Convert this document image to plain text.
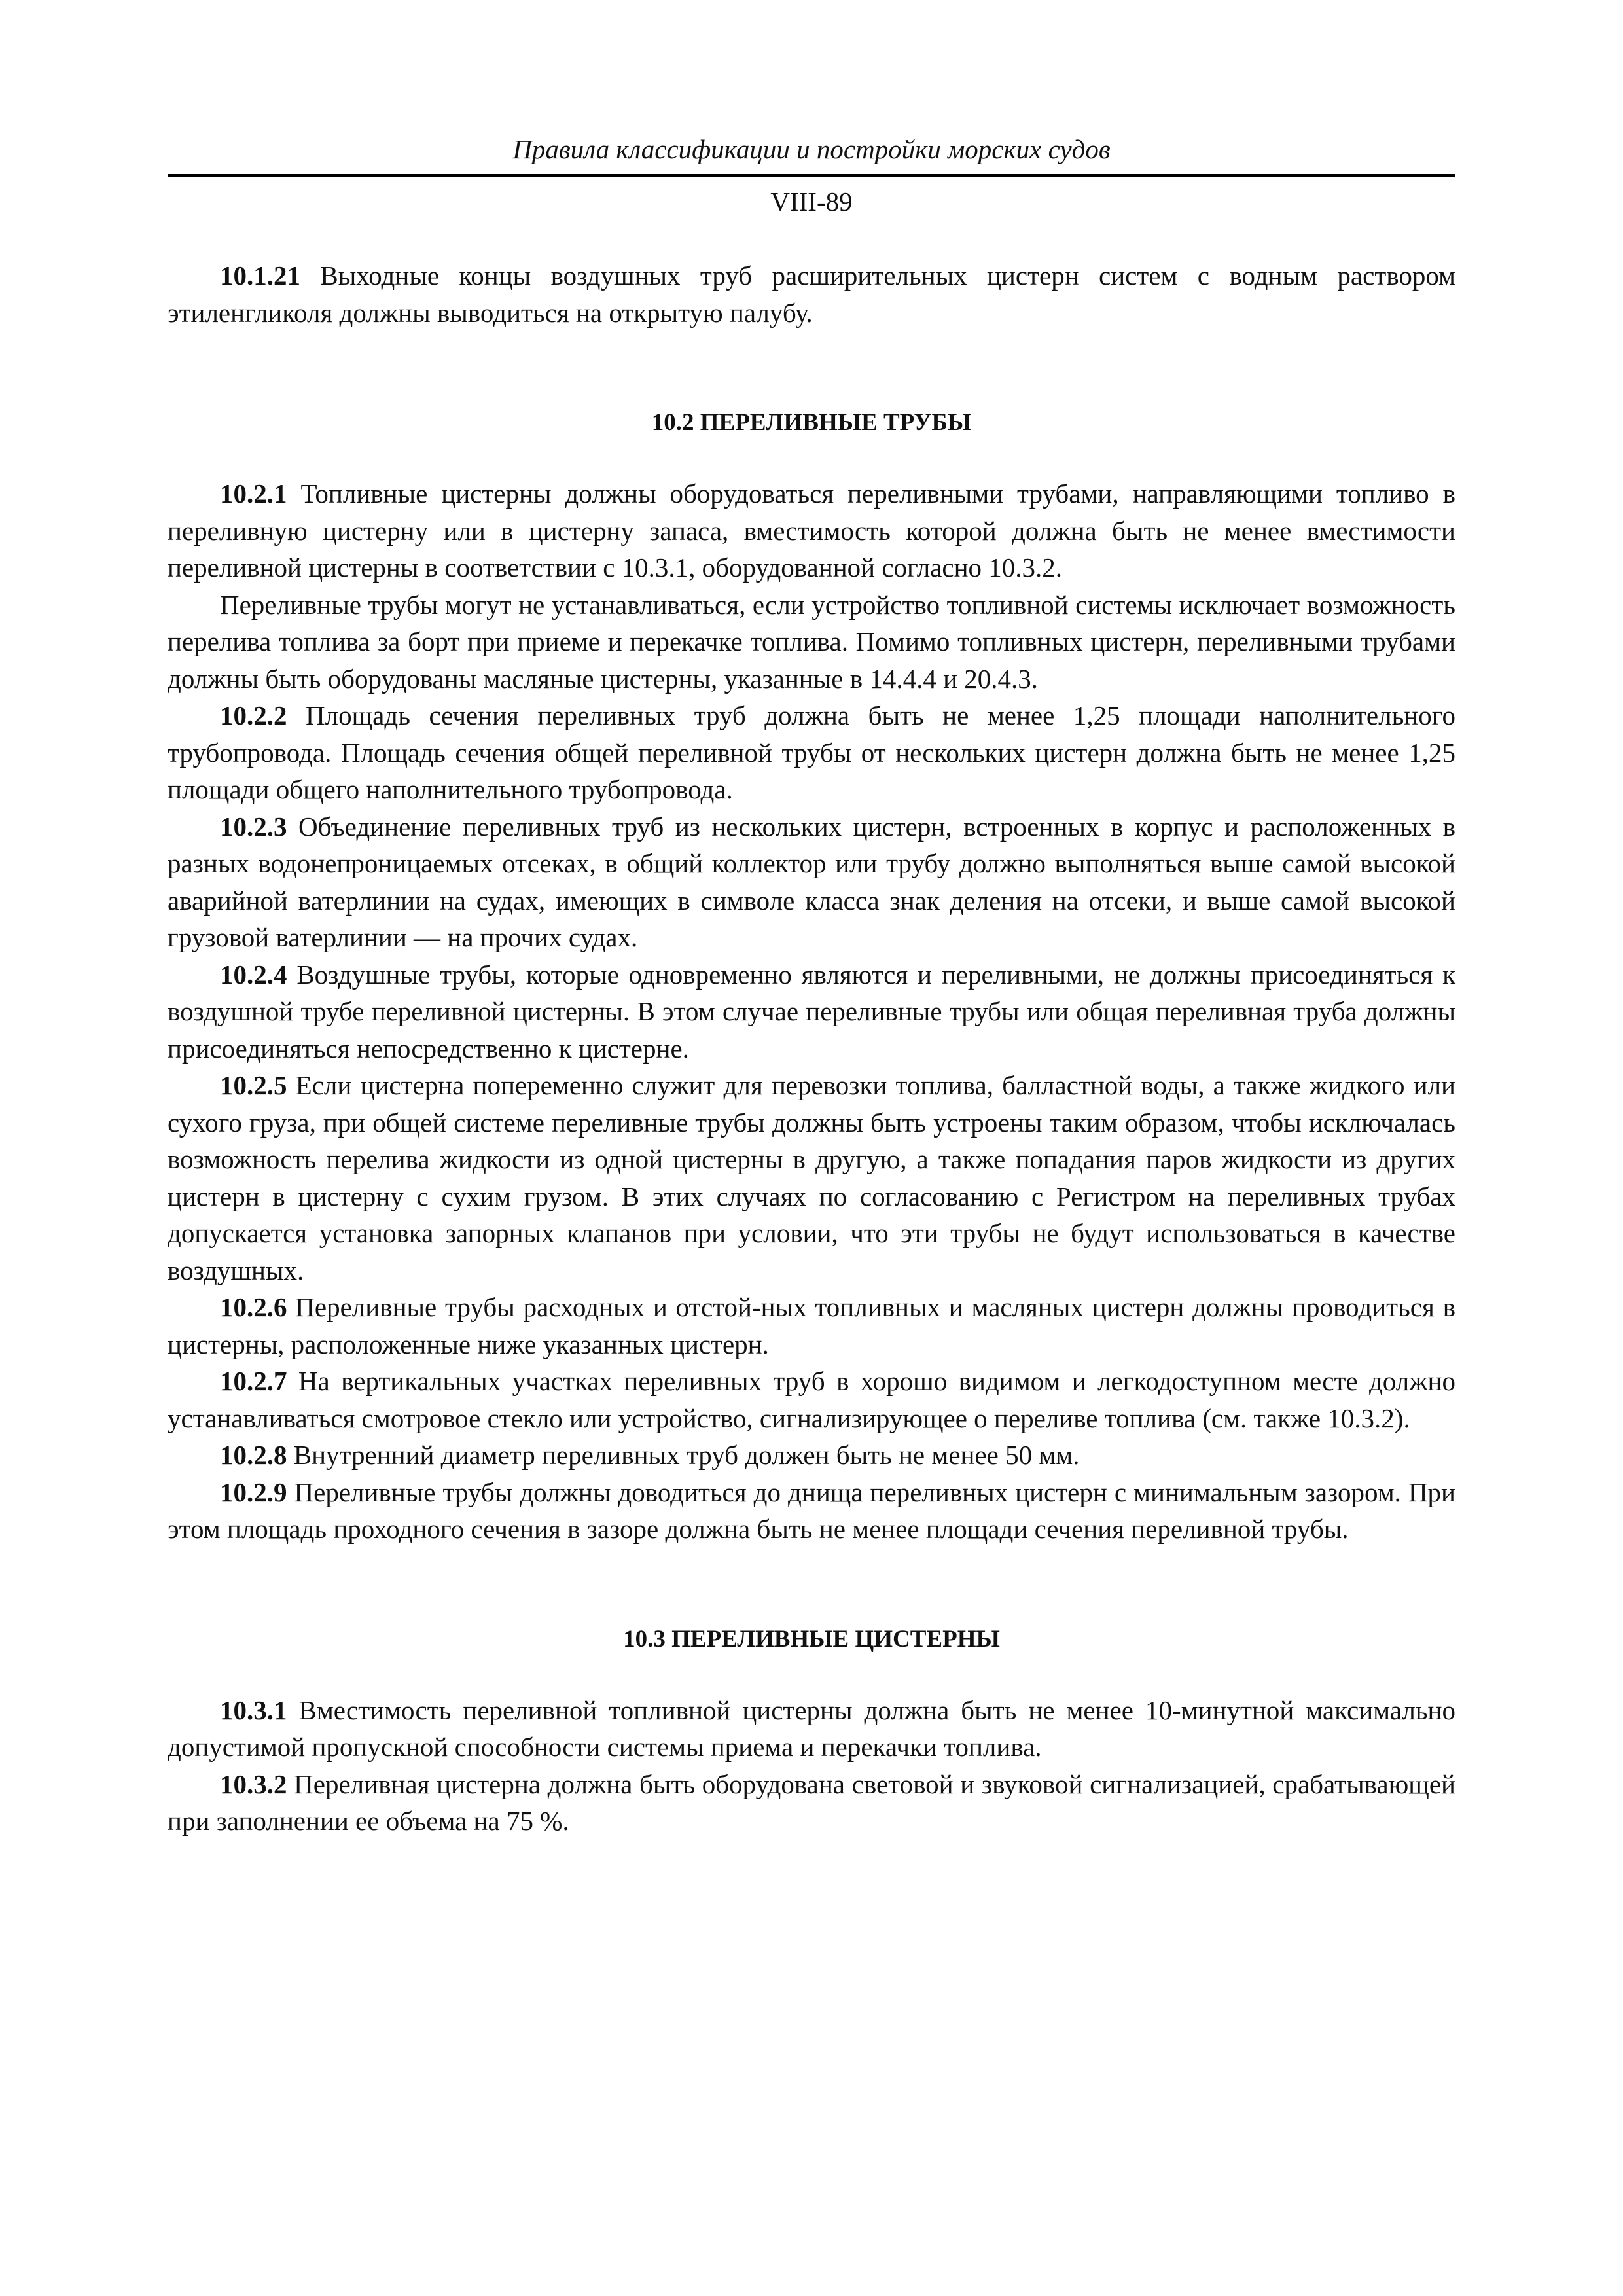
Правила классификации и постройки морских судов
VIII-89

10.1.21 Выходные концы воздушных труб расширительных цистерн систем с водным раствором этиленгликоля должны выводиться на открытую палубу.

10.2 ПЕРЕЛИВНЫЕ ТРУБЫ

10.2.1 Топливные цистерны должны оборудоваться переливными трубами, направляющими топливо в переливную цистерну или в цистерну запаса, вместимость которой должна быть не менее вместимости переливной цистерны в соответствии с 10.3.1, оборудованной согласно 10.3.2.

Переливные трубы могут не устанавливаться, если устройство топливной системы исключает возможность перелива топлива за борт при приеме и перекачке топлива. Помимо топливных цистерн, переливными трубами должны быть оборудованы масляные цистерны, указанные в 14.4.4 и 20.4.3.

10.2.2 Площадь сечения переливных труб должна быть не менее 1,25 площади наполнительного трубопровода. Площадь сечения общей переливной трубы от нескольких цистерн должна быть не менее 1,25 площади общего наполнительного трубопровода.

10.2.3 Объединение переливных труб из нескольких цистерн, встроенных в корпус и расположенных в разных водонепроницаемых отсеках, в общий коллектор или трубу должно выполняться выше самой высокой аварийной ватерлинии на судах, имеющих в символе класса знак деления на отсеки, и выше самой высокой грузовой ватерлинии — на прочих судах.

10.2.4 Воздушные трубы, которые одновременно являются и переливными, не должны присоединяться к воздушной трубе переливной цистерны. В этом случае переливные трубы или общая переливная труба должны присоединяться непосредственно к цистерне.

10.2.5 Если цистерна попеременно служит для перевозки топлива, балластной воды, а также жидкого или сухого груза, при общей системе переливные трубы должны быть устроены таким образом, чтобы исключалась возможность перелива жидкости из одной цистерны в другую, а также попадания паров жидкости из других цистерн в цистерну с сухим грузом. В этих случаях по согласованию с Регистром на переливных трубах допускается установка запорных клапанов при условии, что эти трубы не будут использоваться в качестве воздушных.

10.2.6 Переливные трубы расходных и отстой-ных топливных и масляных цистерн должны проводиться в цистерны, расположенные ниже указанных цистерн.

10.2.7 На вертикальных участках переливных труб в хорошо видимом и легкодоступном месте должно устанавливаться смотровое стекло или устройство, сигнализирующее о переливе топлива (см. также 10.3.2).

10.2.8 Внутренний диаметр переливных труб должен быть не менее 50 мм.

10.2.9 Переливные трубы должны доводиться до днища переливных цистерн с минимальным зазором. При этом площадь проходного сечения в зазоре должна быть не менее площади сечения переливной трубы.

10.3 ПЕРЕЛИВНЫЕ ЦИСТЕРНЫ

10.3.1 Вместимость переливной топливной цистерны должна быть не менее 10-минутной максимально допустимой пропускной способности системы приема и перекачки топлива.

10.3.2 Переливная цистерна должна быть оборудована световой и звуковой сигнализацией, срабатывающей при заполнении ее объема на 75 %.
